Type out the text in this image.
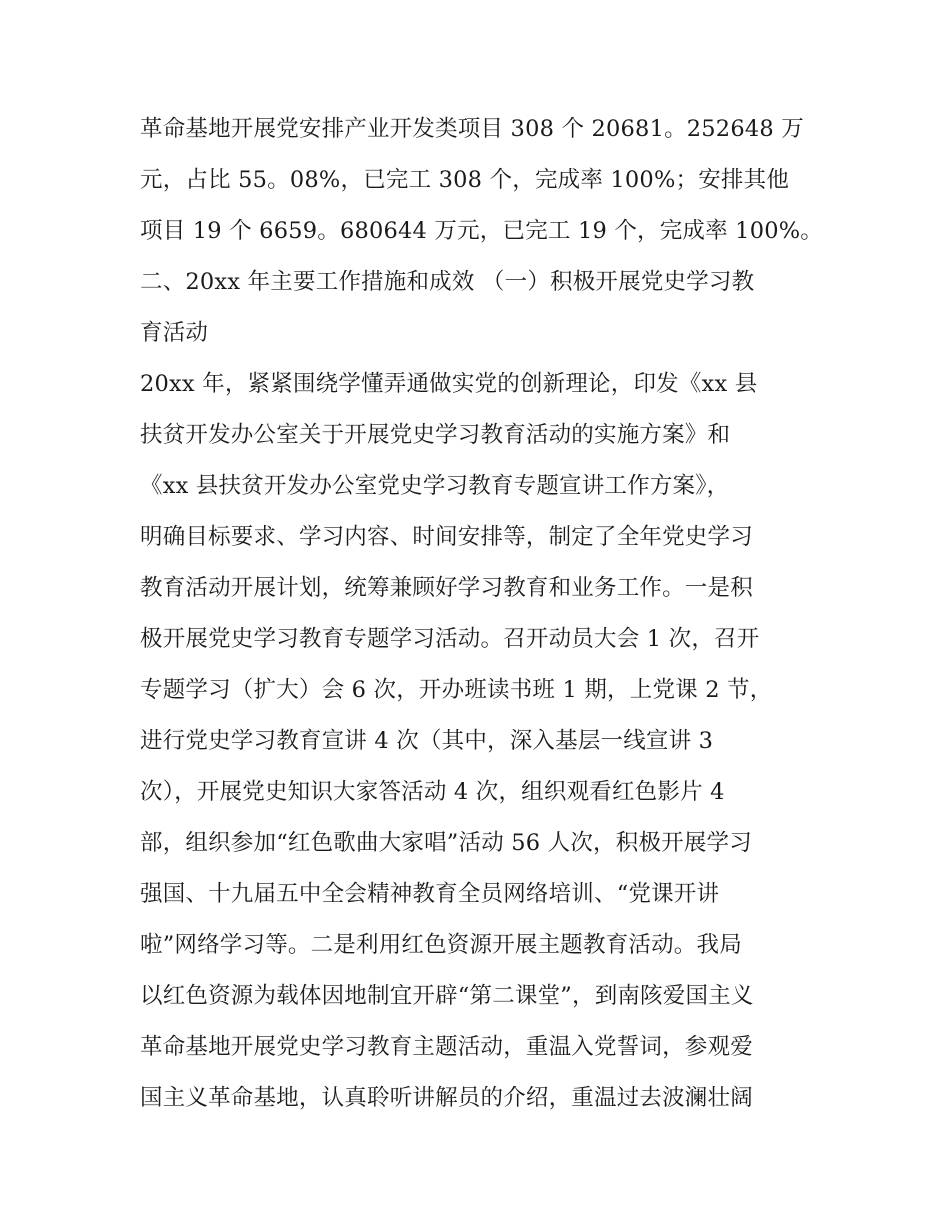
革命基地开展党安排产业开发类项目 308 个 20681。252648 万
元，占比 55。08%，已完工 308 个，完成率 100%；安排其他
项目 19 个 6659。680644 万元，已完工 19 个，完成率 100%。
二、20xx 年主要工作措施和成效 （一）积极开展党史学习教
育活动
20xx 年，紧紧围绕学懂弄通做实党的创新理论，印发《xx 县
扶贫开发办公室关于开展党史学习教育活动的实施方案》和
《xx 县扶贫开发办公室党史学习教育专题宣讲工作方案》，
明确目标要求、学习内容、时间安排等，制定了全年党史学习
教育活动开展计划，统筹兼顾好学习教育和业务工作。一是积
极开展党史学习教育专题学习活动。召开动员大会 1 次，召开
专题学习（扩大）会 6 次，开办班读书班 1 期，上党课 2 节，
进行党史学习教育宣讲 4 次（其中，深入基层一线宣讲 3
次），开展党史知识大家答活动 4 次，组织观看红色影片 4
部，组织参加“红色歌曲大家唱”活动 56 人次，积极开展学习
强国、十九届五中全会精神教育全员网络培训、“党课开讲
啦”网络学习等。二是利用红色资源开展主题教育活动。我局
以红色资源为载体因地制宜开辟“第二课堂”，到南陔爱国主义
革命基地开展党史学习教育主题活动，重温入党誓词，参观爱
国主义革命基地，认真聆听讲解员的介绍，重温过去波澜壮阔
